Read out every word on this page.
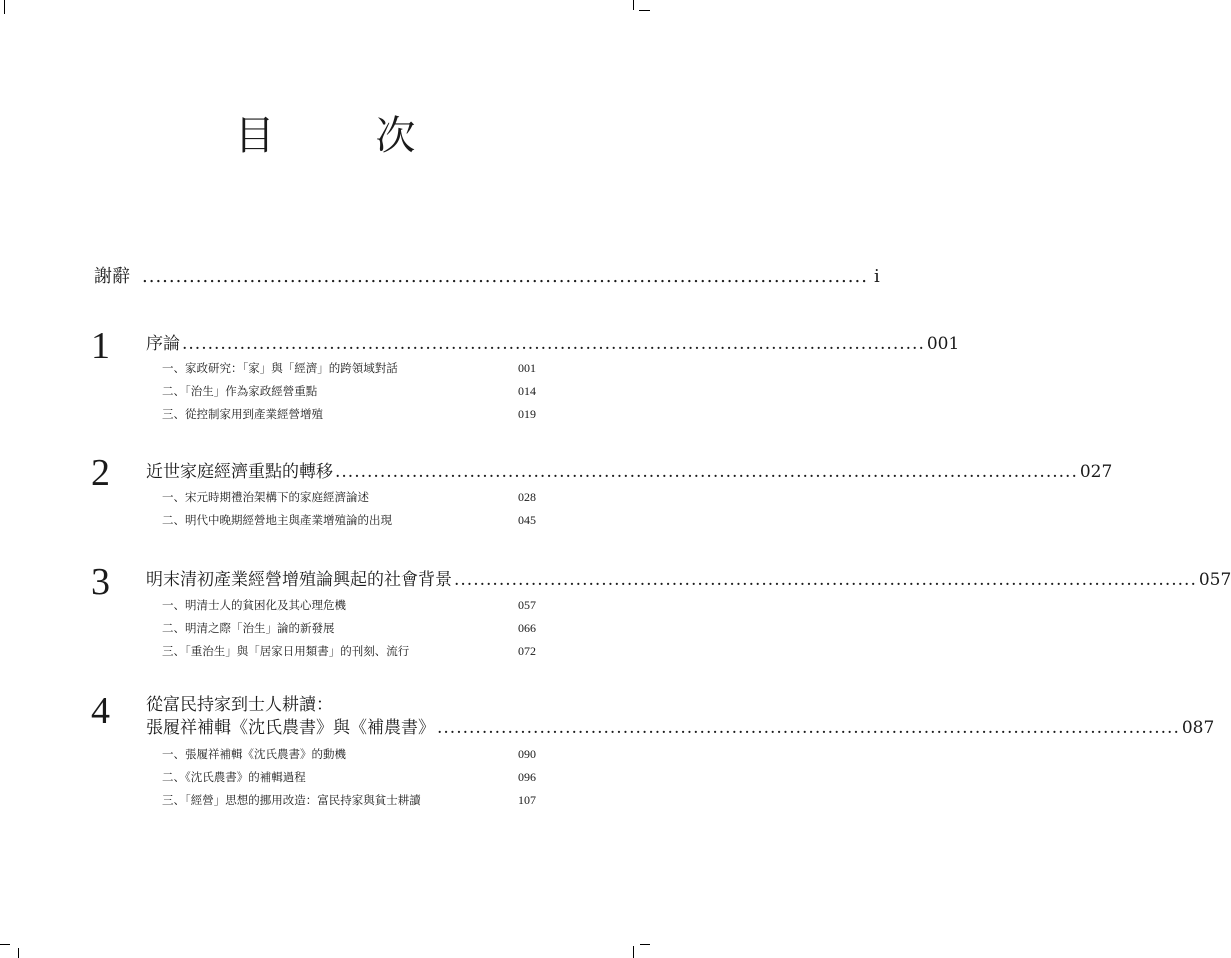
目 次
謝辭 ............................................................................................................ i
1 序論 .................................................................................................................... 001
一、家政研究：「家」與「經濟」的跨領域對話	001
二、「治生」作為家政經營重點	014
三、從控制家用到產業經營增殖	019
2 近世家庭經濟重點的轉移 .................................................................................................................... 027
一、宋元時期禮治架構下的家庭經濟論述	028
二、明代中晚期經營地主與產業增殖論的出現	045
3 明末清初產業經營增殖論興起的社會背景 .................................................................................................................... 057
一、明清士人的貧困化及其心理危機	057
二、明清之際「治生」論的新發展	066
三、「重治生」與「居家日用類書」的刊刻、流行	072
4 從富民持家到士人耕讀：
張履祥補輯《沈氏農書》與《補農書》 .................................................................................................................... 087
一、張履祥補輯《沈氏農書》的動機	090
二、《沈氏農書》的補輯過程	096
三、「經營」思想的挪用改造：富民持家與貧士耕讀	107
